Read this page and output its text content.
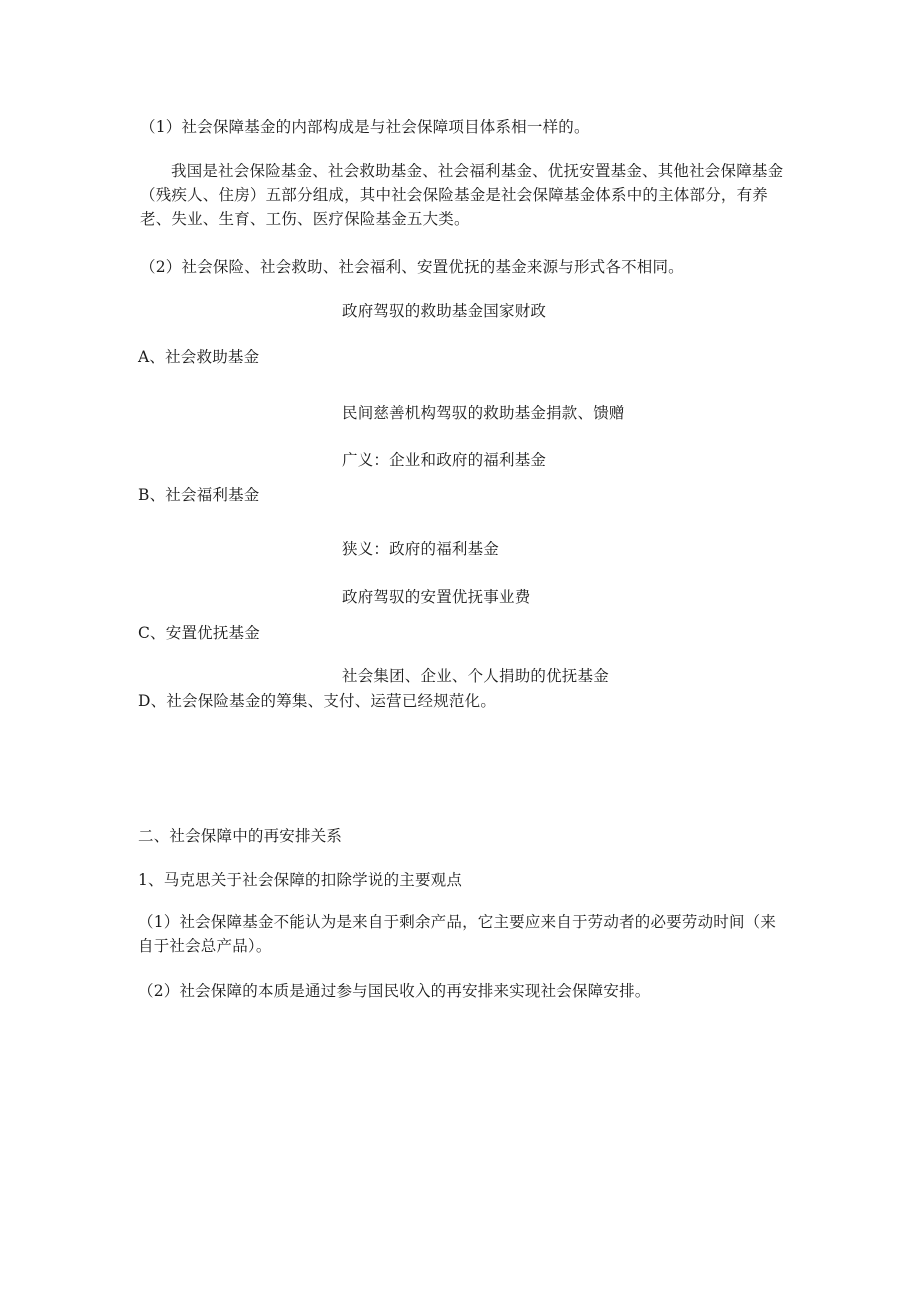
（1）社会保障基金的内部构成是与社会保障项目体系相一样的。
我国是社会保险基金、社会救助基金、社会福利基金、优抚安置基金、其他社会保障基金（残疾人、住房）五部分组成，其中社会保险基金是社会保障基金体系中的主体部分，有养老、失业、生育、工伤、医疗保险基金五大类。
（2）社会保险、社会救助、社会福利、安置优抚的基金来源与形式各不相同。
政府驾驭的救助基金国家财政
A、社会救助基金
民间慈善机构驾驭的救助基金捐款、馈赠
广义：企业和政府的福利基金
B、社会福利基金
狭义：政府的福利基金
政府驾驭的安置优抚事业费
C、安置优抚基金
社会集团、企业、个人捐助的优抚基金
D、社会保险基金的筹集、支付、运营已经规范化。
二、社会保障中的再安排关系
1、马克思关于社会保障的扣除学说的主要观点
（1）社会保障基金不能认为是来自于剩余产品，它主要应来自于劳动者的必要劳动时间（来自于社会总产品）。
（2）社会保障的本质是通过参与国民收入的再安排来实现社会保障安排。
